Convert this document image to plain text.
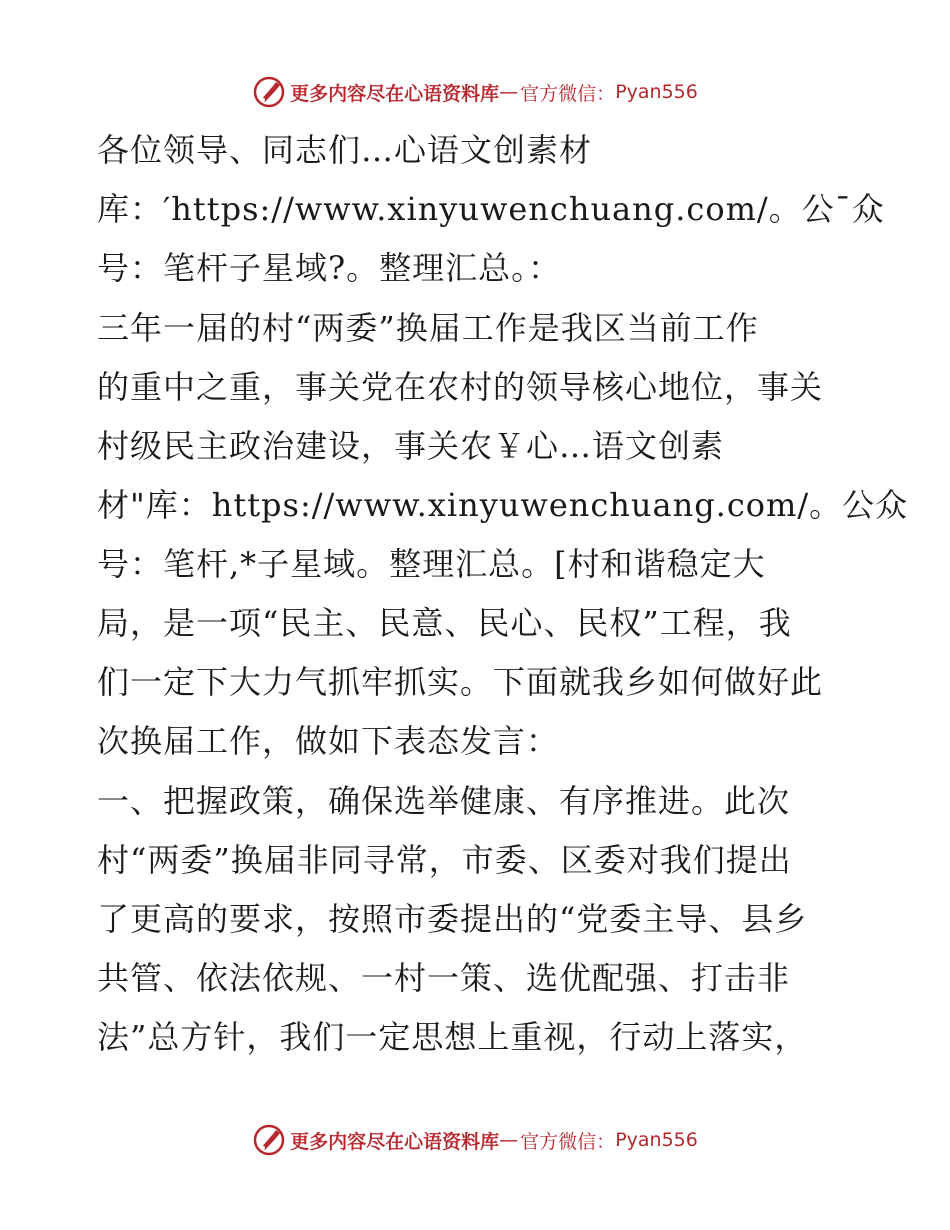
更多内容尽在心语资料库 — 官方微信： Pyan556
各位领导、同志们…心语文创素材
库：′https://www.xinyuwenchuang.com/。公¯众
号：笔杆子星域?。整理汇总。：
三年一届的村“两委”换届工作是我区当前工作
的重中之重，事关党在农村的领导核心地位，事关
村级民主政治建设，事关农￥心…语文创素
材"库：https://www.xinyuwenchuang.com/。公众
号：笔杆,*子星域。整理汇总。[村和谐稳定大
局，是一项“民主、民意、民心、民权”工程，我
们一定下大力气抓牢抓实。下面就我乡如何做好此
次换届工作，做如下表态发言：
一、把握政策，确保选举健康、有序推进。此次
村“两委”换届非同寻常，市委、区委对我们提出
了更高的要求，按照市委提出的“党委主导、县乡
共管、依法依规、一村一策、选优配强、打击非
法”总方针，我们一定思想上重视，行动上落实，
更多内容尽在心语资料库 — 官方微信： Pyan556
